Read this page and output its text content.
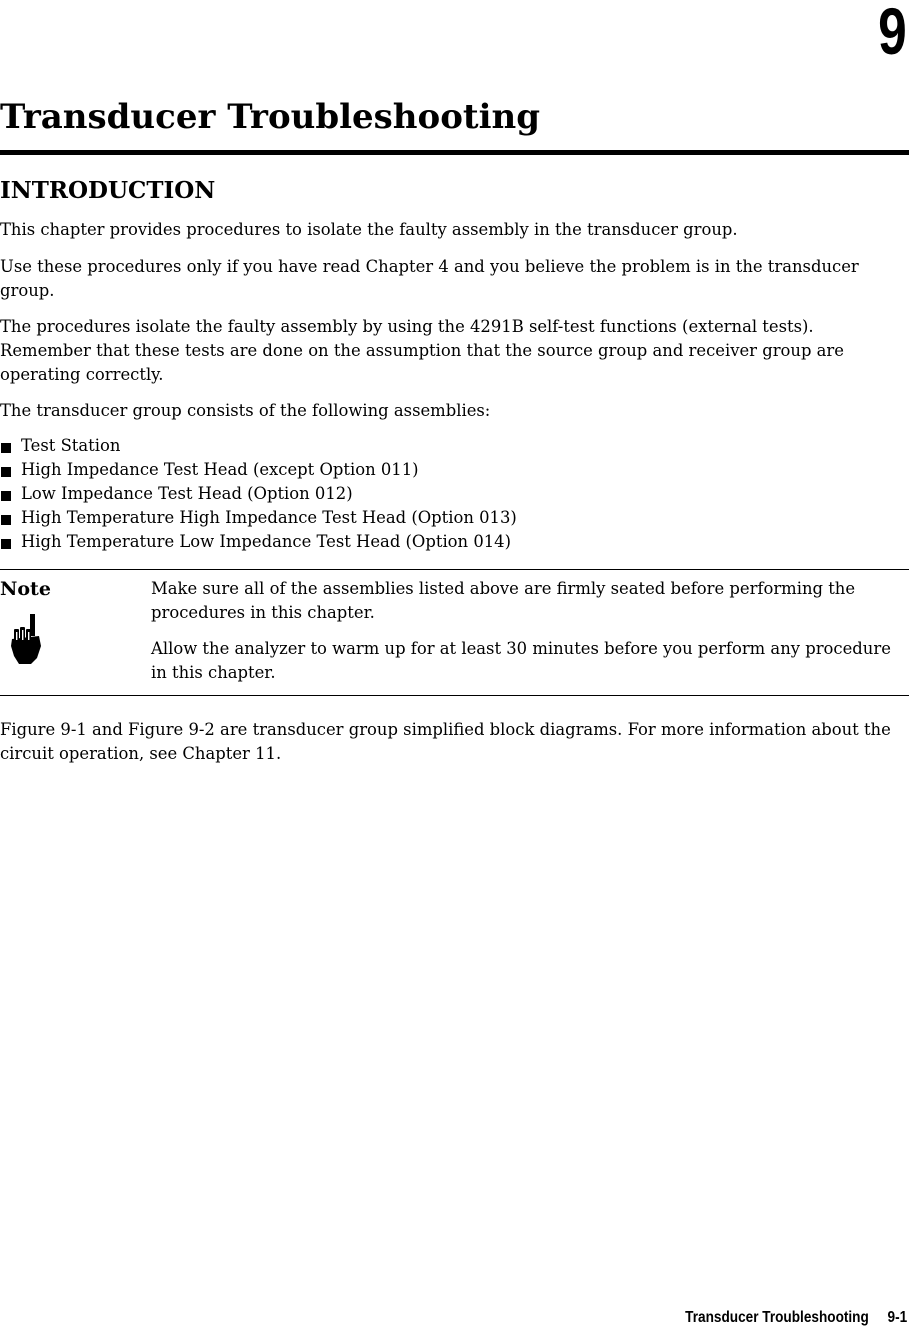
9
Transducer Troubleshooting
INTRODUCTION

This chapter provides procedures to isolate the faulty assembly in the transducer group.

Use these procedures only if you have read Chapter 4 and you believe the problem is in the transducer group.

The procedures isolate the faulty assembly by using the 4291B self-test functions (external tests). Remember that these tests are done on the assumption that the source group and receiver group are operating correctly.

The transducer group consists of the following assemblies:

Test Station
High Impedance Test Head (except Option 011)
Low Impedance Test Head (Option 012)
High Temperature High Impedance Test Head (Option 013)
High Temperature Low Impedance Test Head (Option 014)
Note	Make sure all of the assemblies listed above are firmly seated before performing the procedures in this chapter.

Allow the analyzer to warm up for at least 30 minutes before you perform any procedure in this chapter.

Figure 9-1 and Figure 9-2 are transducer group simplified block diagrams. For more information about the circuit operation, see Chapter 11.

Transducer Troubleshooting 9-1
